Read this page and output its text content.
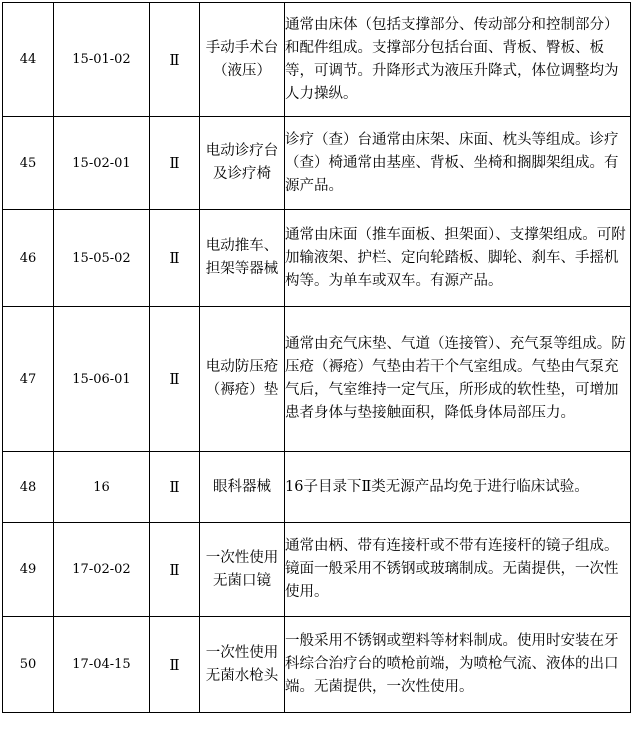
44	15-01-02	Ⅱ	手动手术台（液压）	通常由床体（包括支撑部分、传动部分和控制部分）和配件组成。支撑部分包括台面、背板、臀板、板等，可调节。升降形式为液压升降式，体位调整均为人力操纵。

45	15-02-01	Ⅱ	电动诊疗台及诊疗椅	诊疗（查）台通常由床架、床面、枕头等组成。诊疗（查）椅通常由基座、背板、坐椅和搁脚架组成。有源产品。

46	15-05-02	Ⅱ	电动推车、担架等器械	通常由床面（推车面板、担架面）、支撑架组成。可附加输液架、护栏、定向轮踏板、脚轮、刹车、手摇机构等。为单车或双车。有源产品。

47	15-06-01	Ⅱ	电动防压疮（褥疮）垫	通常由充气床垫、气道（连接管）、充气泵等组成。防压疮（褥疮）气垫由若干个气室组成。气垫由气泵充气后，气室维持一定气压，所形成的软性垫，可增加患者身体与垫接触面积，降低身体局部压力。

48	16	Ⅱ	眼科器械	16子目录下Ⅱ类无源产品均免于进行临床试验。

49	17-02-02	Ⅱ	一次性使用无菌口镜	通常由柄、带有连接杆或不带有连接杆的镜子组成。镜面一般采用不锈钢或玻璃制成。无菌提供，一次性使用。

50	17-04-15	Ⅱ	一次性使用无菌水枪头	一般采用不锈钢或塑料等材料制成。使用时安装在牙科综合治疗台的喷枪前端，为喷枪气流、液体的出口端。无菌提供，一次性使用。
